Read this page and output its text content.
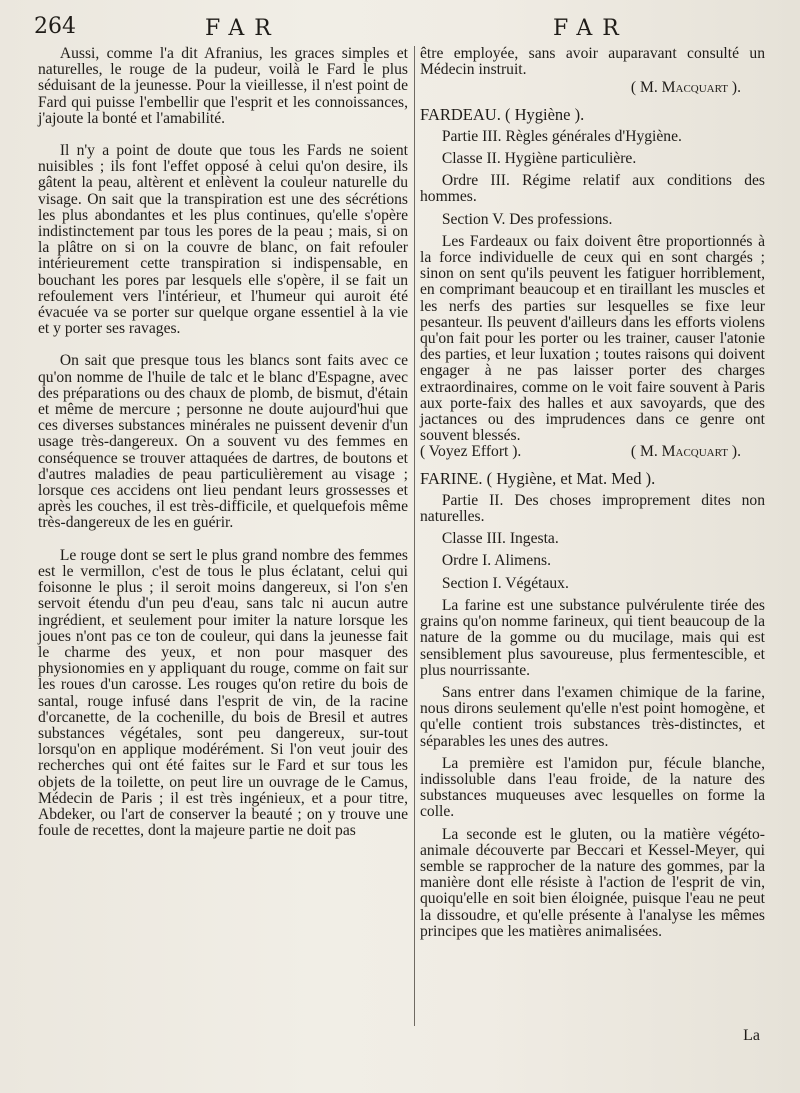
264	FAR	FAR

Aussi, comme l'a dit Afranius, les graces simples et naturelles, le rouge de la pudeur, voilà le Fard le plus séduisant de la jeunesse. Pour la vieillesse, il n'est point de Fard qui puisse l'embellir que l'esprit et les connoissances, j'ajoute la bonté et l'amabilité.

Il n'y a point de doute que tous les Fards ne soient nuisibles ; ils font l'effet opposé à celui qu'on desire, ils gâtent la peau, altèrent et enlèvent la couleur naturelle du visage. On sait que la transpiration est une des sécrétions les plus abondantes et les plus continues, qu'elle s'opère indistinctement par tous les pores de la peau ; mais, si on la plâtre on si on la couvre de blanc, on fait refouler intérieurement cette transpiration si indispensable, en bouchant les pores par lesquels elle s'opère, il se fait un refoulement vers l'intérieur, et l'humeur qui auroit été évacuée va se porter sur quelque organe essentiel à la vie et y porter ses ravages.

On sait que presque tous les blancs sont faits avec ce qu'on nomme de l'huile de talc et le blanc d'Espagne, avec des préparations ou des chaux de plomb, de bismut, d'étain et même de mercure ; personne ne doute aujourd'hui que ces diverses substances minérales ne puissent devenir d'un usage très-dangereux. On a souvent vu des femmes en conséquence se trouver attaquées de dartres, de boutons et d'autres maladies de peau particulièrement au visage ; lorsque ces accidens ont lieu pendant leurs grossesses et après les couches, il est très-difficile, et quelquefois même très-dangereux de les en guérir.

Le rouge dont se sert le plus grand nombre des femmes est le vermillon, c'est de tous le plus éclatant, celui qui foisonne le plus ; il seroit moins dangereux, si l'on s'en servoit étendu d'un peu d'eau, sans talc ni aucun autre ingrédient, et seulement pour imiter la nature lorsque les joues n'ont pas ce ton de couleur, qui dans la jeunesse fait le charme des yeux, et non pour masquer des physionomies en y appliquant du rouge, comme on fait sur les roues d'un carosse. Les rouges qu'on retire du bois de santal, rouge infusé dans l'esprit de vin, de la racine d'orcanette, de la cochenille, du bois de Bresil et autres substances végétales, sont peu dangereux, sur-tout lorsqu'on en applique modérément. Si l'on veut jouir des recherches qui ont été faites sur le Fard et sur tous les objets de la toilette, on peut lire un ouvrage de le Camus, Médecin de Paris ; il est très ingénieux, et a pour titre, Abdeker, ou l'art de conserver la beauté ; on y trouve une foule de recettes, dont la majeure partie ne doit pas

être employée, sans avoir auparavant consulté un Médecin instruit.

( M. Macquart ).

FARDEAU. ( Hygiène ).

Partie III. Règles générales d'Hygiène.

Classe II. Hygiène particulière.

Ordre III. Régime relatif aux conditions des hommes.

Section V. Des professions.

Les Fardeaux ou faix doivent être proportionnés à la force individuelle de ceux qui en sont chargés ; sinon on sent qu'ils peuvent les fatiguer horriblement, en comprimant beaucoup et en tiraillant les muscles et les nerfs des parties sur lesquelles se fixe leur pesanteur. Ils peuvent d'ailleurs dans les efforts violens qu'on fait pour les porter ou les trainer, causer l'atonie des parties, et leur luxation ; toutes raisons qui doivent engager à ne pas laisser porter des charges extraordinaires, comme on le voit faire souvent à Paris aux porte-faix des halles et aux savoyards, que des jactances ou des imprudences dans ce genre ont souvent blessés.

( Voyez Effort ).	( M. Macquart ).

FARINE. ( Hygiène, et Mat. Med ).

Partie II. Des choses improprement dites non naturelles.

Classe III. Ingesta.

Ordre I. Alimens.

Section I. Végétaux.

La farine est une substance pulvérulente tirée des grains qu'on nomme farineux, qui tient beaucoup de la nature de la gomme ou du mucilage, mais qui est sensiblement plus savoureuse, plus fermentescible, et plus nourrissante.

Sans entrer dans l'examen chimique de la farine, nous dirons seulement qu'elle n'est point homogène, et qu'elle contient trois substances très-distinctes, et séparables les unes des autres.

La première est l'amidon pur, fécule blanche, indissoluble dans l'eau froide, de la nature des substances muqueuses avec lesquelles on forme la colle.

La seconde est le gluten, ou la matière végéto-animale découverte par Beccari et Kessel-Meyer, qui semble se rapprocher de la nature des gommes, par la manière dont elle résiste à l'action de l'esprit de vin, quoiqu'elle en soit bien éloignée, puisque l'eau ne peut la dissoudre, et qu'elle présente à l'analyse les mêmes principes que les matières animalisées.

La
